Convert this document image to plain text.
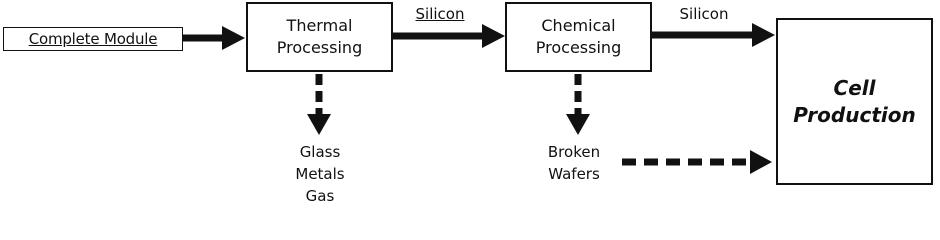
Complete Module
Thermal
Processing
Chemical
Processing
Cell
Production
Silicon	Silicon
Glass
Metals
Gas
Broken
Wafers
